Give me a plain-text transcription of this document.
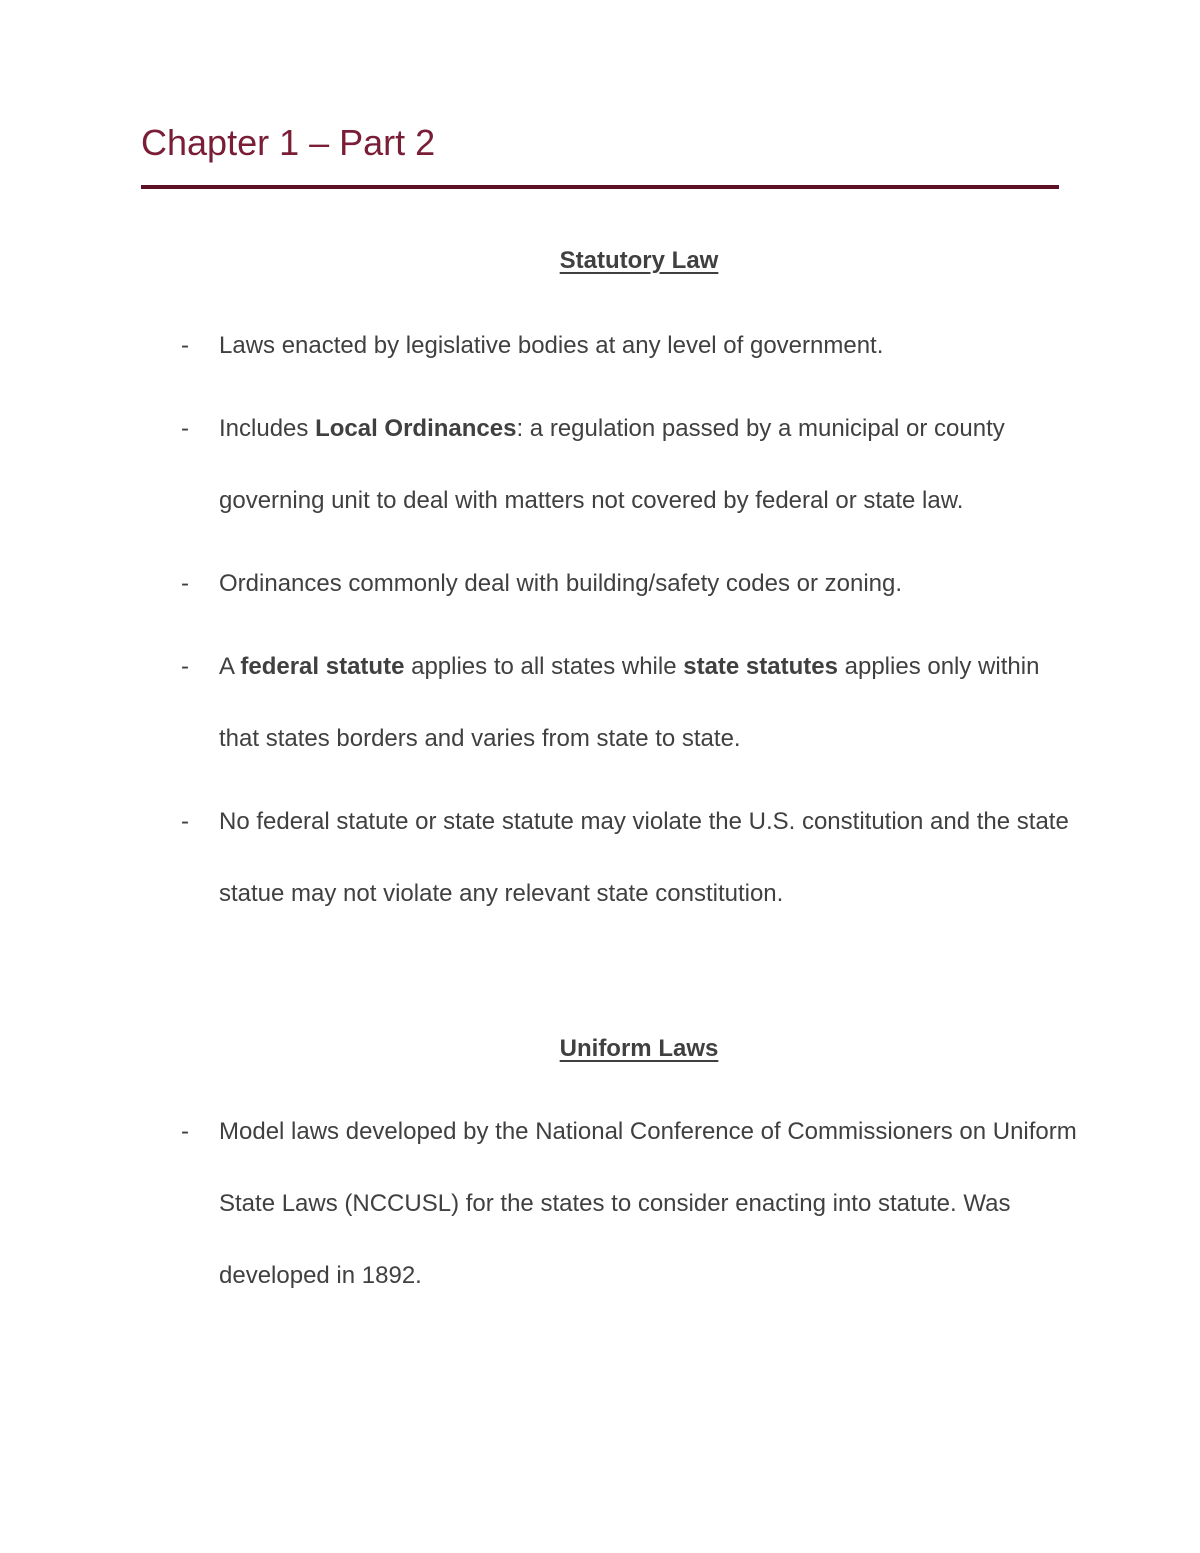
Chapter 1 – Part 2
Statutory Law
- Laws enacted by legislative bodies at any level of government.
- Includes Local Ordinances: a regulation passed by a municipal or county governing unit to deal with matters not covered by federal or state law.
- Ordinances commonly deal with building/safety codes or zoning.
- A federal statute applies to all states while state statutes applies only within that states borders and varies from state to state.
- No federal statute or state statute may violate the U.S. constitution and the state statue may not violate any relevant state constitution.
Uniform Laws
- Model laws developed by the National Conference of Commissioners on Uniform State Laws (NCCUSL) for the states to consider enacting into statute. Was developed in 1892.
